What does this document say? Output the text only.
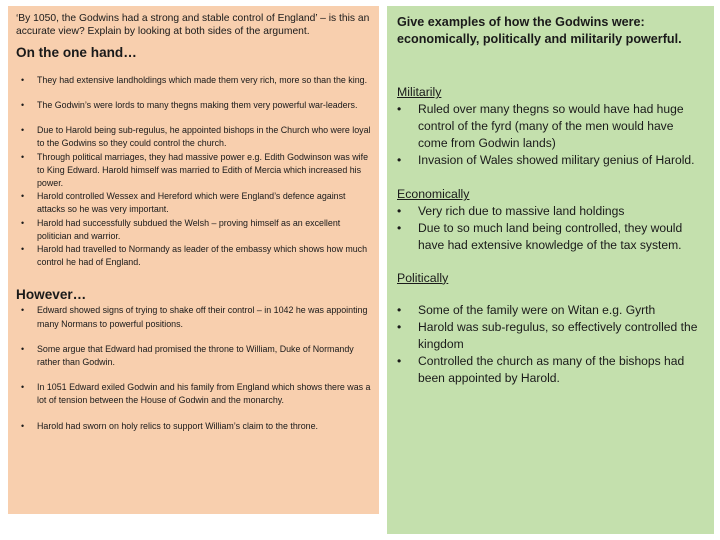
‘By 1050, the Godwins had a strong and stable control of England’ – is this an accurate view? Explain by looking at both sides of the argument.

On the one hand…

• They had extensive landholdings which made them very rich, more so than the king.
• The Godwin’s were lords to many thegns making them very powerful war-leaders.
• Due to Harold being sub-regulus, he appointed bishops in the Church who were loyal to the Godwins so they could control the church.
• Through political marriages, they had massive power e.g. Edith Godwinson was wife to King Edward. Harold himself was married to Edith of Mercia which increased his power.
• Harold controlled Wessex and Hereford which were England’s defence against attacks so he was very important.
• Harold had successfully subdued the Welsh – proving himself as an excellent politician and warrior.
• Harold had travelled to Normandy as leader of the embassy which shows how much control he had of England.

However…

• Edward showed signs of trying to shake off their control – in 1042 he was appointing many Normans to powerful positions.
• Some argue that Edward had promised the throne to William, Duke of Normandy rather than Godwin.
• In 1051 Edward exiled Godwin and his family from England which shows there was a lot of tension between the House of Godwin and the monarchy.
• Harold had sworn on holy relics to support William’s claim to the throne.

Give examples of how the Godwins were: economically, politically and militarily powerful.

Militarily

• Ruled over many thegns so would have had huge control of the fyrd (many of the men would have come from Godwin lands)
• Invasion of Wales showed military genius of Harold.

Economically

• Very rich due to massive land holdings
• Due to so much land being controlled, they would have had extensive knowledge of the tax system.

Politically

• Some of the family were on Witan e.g. Gyrth
• Harold was sub-regulus, so effectively controlled the kingdom
• Controlled the church as many of the bishops had been appointed by Harold.
